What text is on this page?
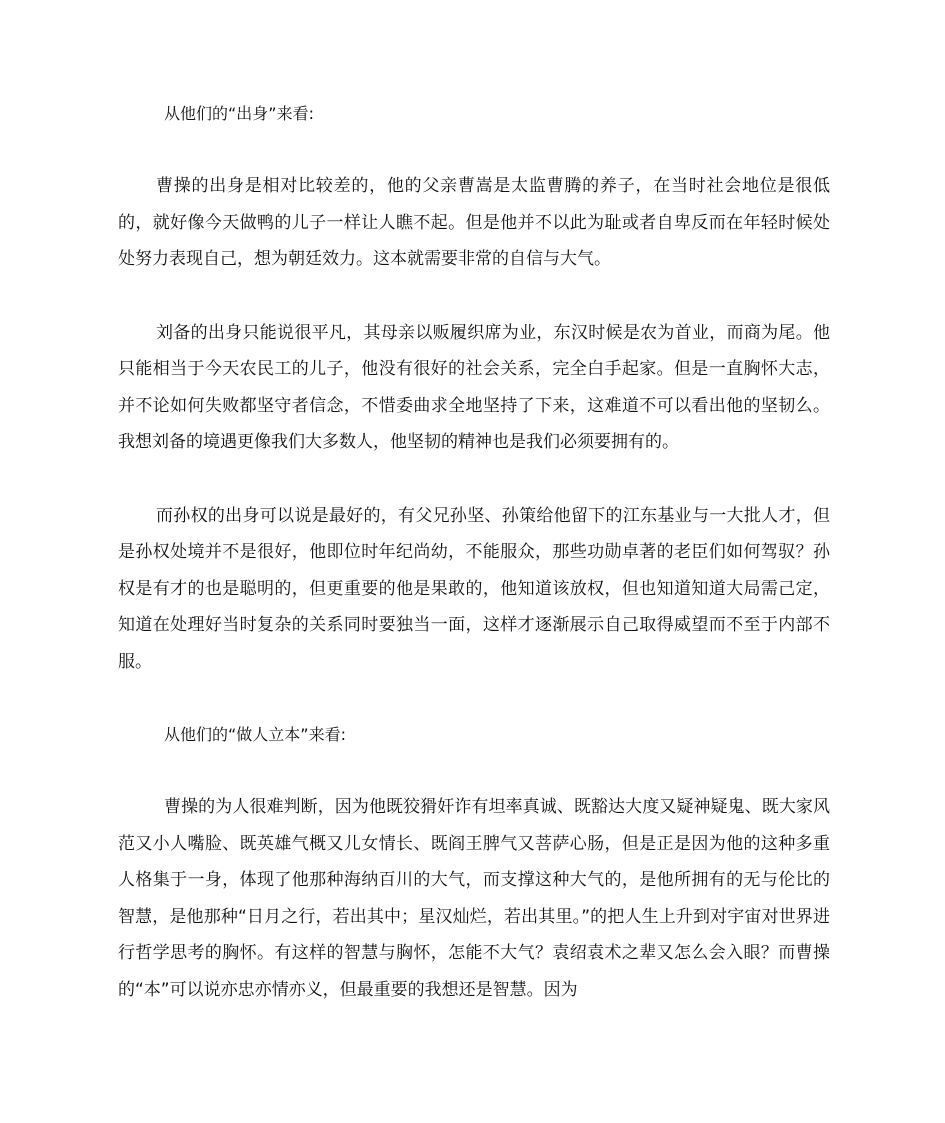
从他们的“出身”来看:

曹操的出身是相对比较差的，他的父亲曹嵩是太监曹腾的养子，在当时社会地位是很低的，就好像今天做鸭的儿子一样让人瞧不起。但是他并不以此为耻或者自卑反而在年轻时候处处努力表现自己，想为朝廷效力。这本就需要非常的自信与大气。

刘备的出身只能说很平凡，其母亲以贩履织席为业，东汉时候是农为首业，而商为尾。他只能相当于今天农民工的儿子，他没有很好的社会关系，完全白手起家。但是一直胸怀大志，并不论如何失败都坚守者信念，不惜委曲求全地坚持了下来，这难道不可以看出他的坚韧么。我想刘备的境遇更像我们大多数人，他坚韧的精神也是我们必须要拥有的。

而孙权的出身可以说是最好的，有父兄孙坚、孙策给他留下的江东基业与一大批人才，但是孙权处境并不是很好，他即位时年纪尚幼，不能服众，那些功勋卓著的老臣们如何驾驭？孙权是有才的也是聪明的，但更重要的他是果敢的，他知道该放权，但也知道知道大局需己定，知道在处理好当时复杂的关系同时要独当一面，这样才逐渐展示自己取得威望而不至于内部不服。

从他们的“做人立本”来看:

曹操的为人很难判断，因为他既狡猾奸诈有坦率真诚、既豁达大度又疑神疑鬼、既大家风范又小人嘴脸、既英雄气概又儿女情长、既阎王脾气又菩萨心肠，但是正是因为他的这种多重人格集于一身，体现了他那种海纳百川的大气，而支撑这种大气的，是他所拥有的无与伦比的智慧，是他那种“日月之行，若出其中；星汉灿烂，若出其里。”的把人生上升到对宇宙对世界进行哲学思考的胸怀。有这样的智慧与胸怀，怎能不大气？袁绍袁术之辈又怎么会入眼？而曹操的“本”可以说亦忠亦情亦义，但最重要的我想还是智慧。因为
